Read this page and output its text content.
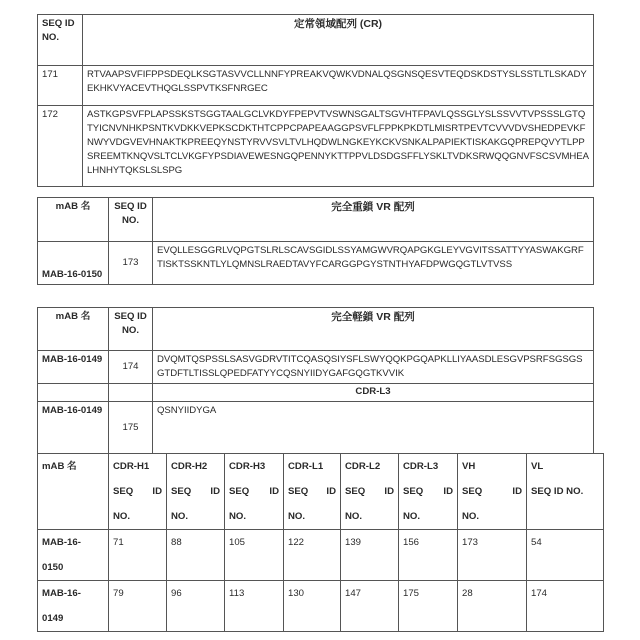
SEQ ID NO.	定常領域配列 (CR)
171	RTVAAPSVFIFPPSDEQLKSGTASVVCLLNNFYPREAKVQWKVDNALQSGNSQESVTEQDSKDSTYSLSSTLTLSKADYEKHKVYACEVTHQGLSSPVTKSFNRGEC
172	ASTKGPSVFPLAPSSKSTSGGTAALGCLVKDYFPEPVTVSWNSGALTSGVHTFPAVLQSSGLYSLSSVVTVPSSSLGTQTYICNVNHKPSNTKVDKKVEPKSCDKTHTCPPCPAPEAAGGPSVFLFPPKPKDTLMISRTPEVTCVVVDVSHEDPEVKFNWYVDGVEVHNAKTKPREEQYNSTYRVVSVLTVLHQDWLNGKEYKCKVSNKALPAPIEKTISKAKGQPREPQVYTLPPSREEMTKNQVSLTCLVKGFYPSDIAVEWESNGQPENNYKTTPPVLDSDGSFFLYSKLTVDKSRWQQGNVFSCSVMHEALHNHYTQKSLSLSPG
mAB 名	SEQ ID NO.	完全重鎖 VR 配列
MAB-16-0150	173	EVQLLESGGRLVQPGTSLRLSCAVSGIDLSSYAMGWVRQAPGKGLEYVGVITSSATTYYASWAKGRFTISKTSSKNTLYLQMNSLRAEDTAVYFCARGGPGYSTNTHYAFDPWGQGTLVTVSS
mAB 名	SEQ ID NO.	完全軽鎖 VR 配列
MAB-16-0149	174	DVQMTQSPSSLSASVGDRVTITCQASQSIYSFLSWYQQKPGQAPKLLIYAASDLESGVPSRFSGSGSGTDFTLTISSLQPEDFATYYCQSNYIIDYGAFGQGTKVVIK
		CDR-L3
MAB-16-0149	175	QSNYIIDYGA
mAB 名	CDR-H1
SEQ ID
NO.

CDR-H2
SEQ ID
NO.

CDR-H3
SEQ ID
NO.

CDR-L1
SEQ ID
NO.

CDR-L2
SEQ ID
NO.

CDR-L3
SEQ ID
NO.

VH
SEQ	ID
NO.

VL
SEQ ID NO.

MAB-16-
0150
	71	88	105	122	139	156	173	54

MAB-16-
0149
	79	96	113	130	147	175	28	174
